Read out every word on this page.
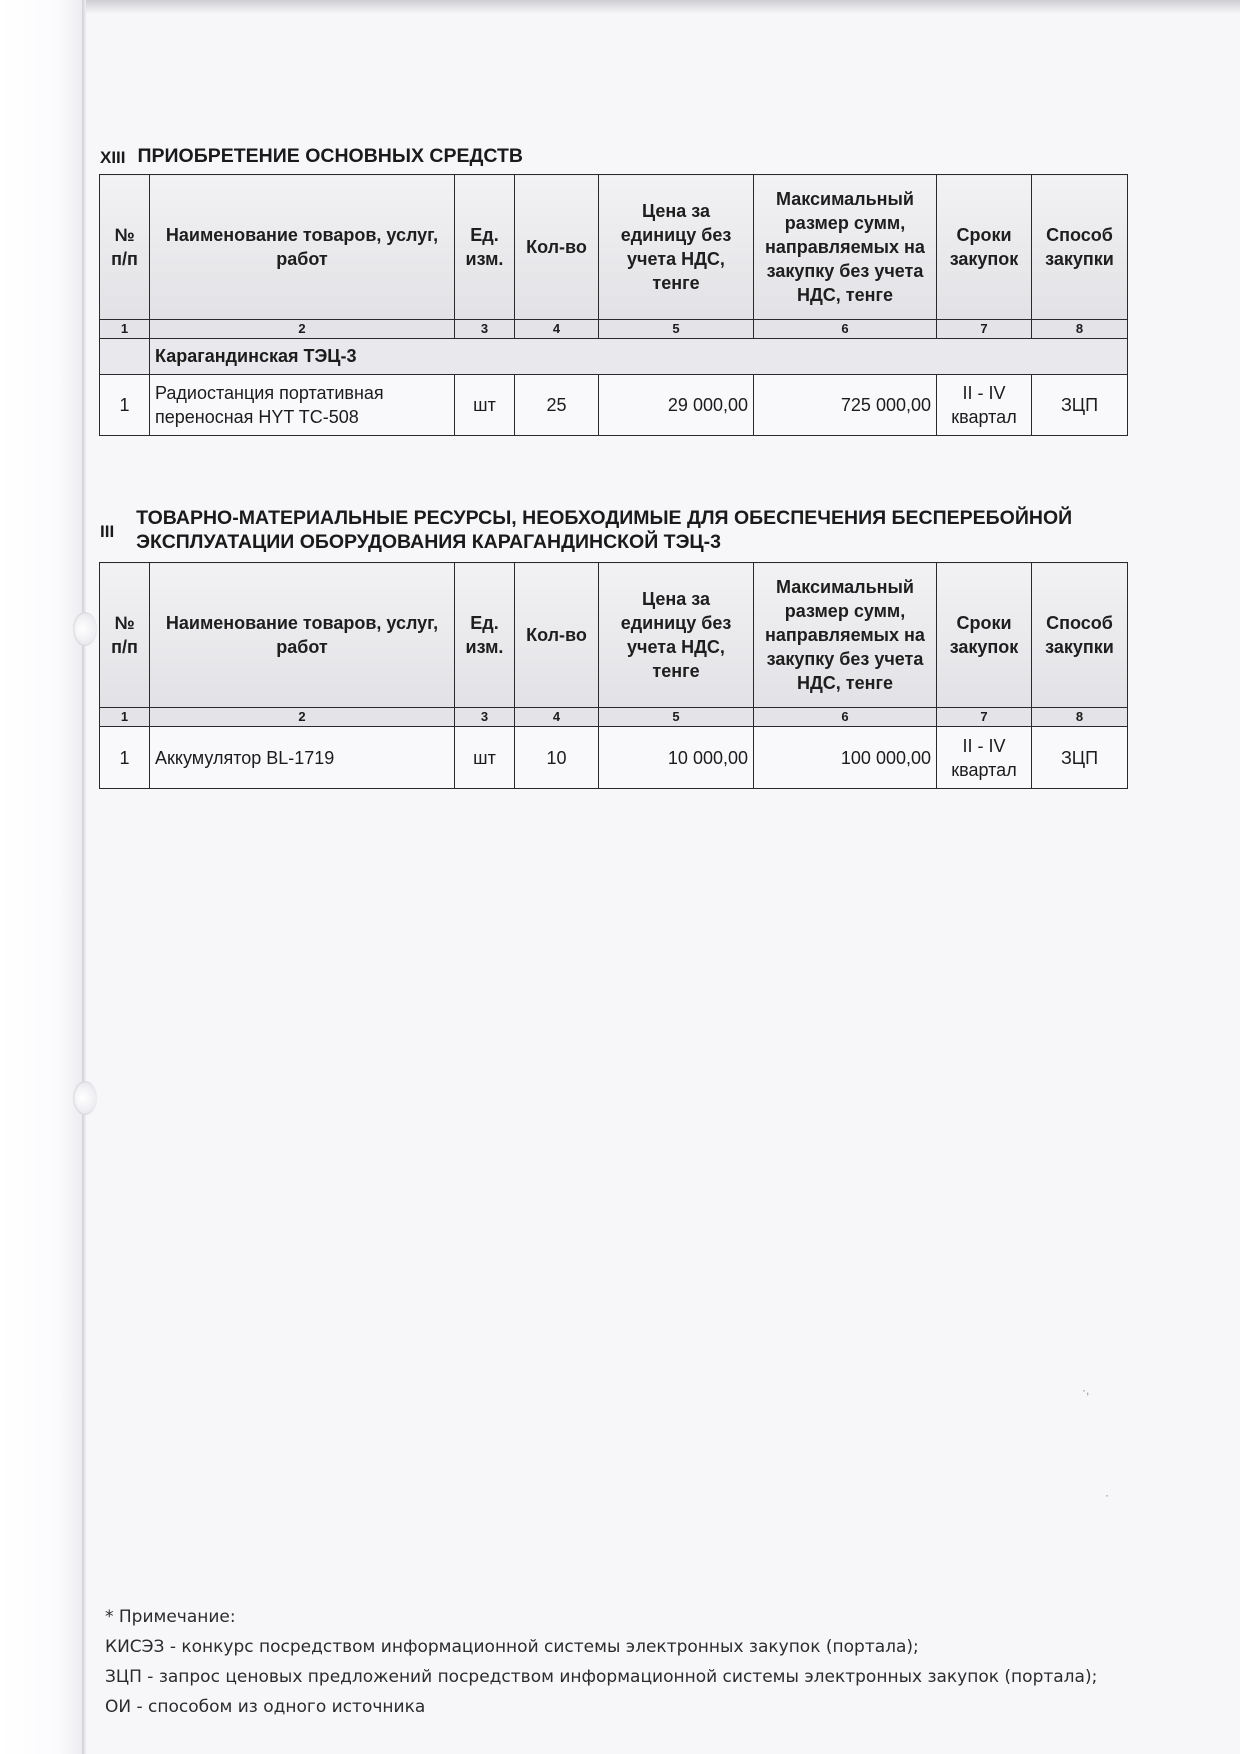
XIII ПРИОБРЕТЕНИЕ ОСНОВНЫХ СРЕДСТВ
№ п/п	Наименование товаров, услуг, работ	Ед. изм.	Кол-во	Цена за единицу без учета НДС, тенге	Максимальный размер сумм, направляемых на закупку без учета НДС, тенге	Сроки закупок	Способ закупки
1	2	3	4	5	6	7	8
	Карагандинская ТЭЦ-3						
1	Радиостанция портативная переносная HYT TC-508	шт	25	29 000,00	725 000,00	II - IV квартал	ЗЦП
III
ТОВАРНО-МАТЕРИАЛЬНЫЕ РЕСУРСЫ, НЕОБХОДИМЫЕ ДЛЯ ОБЕСПЕЧЕНИЯ БЕСПЕРЕБОЙНОЙ ЭКСПЛУАТАЦИИ ОБОРУДОВАНИЯ КАРАГАНДИНСКОЙ ТЭЦ-3
№ п/п	Наименование товаров, услуг, работ	Ед. изм.	Кол-во	Цена за единицу без учета НДС, тенге	Максимальный размер сумм, направляемых на закупку без учета НДС, тенге	Сроки закупок	Способ закупки
1	2	3	4	5	6	7	8
1	Аккумулятор BL-1719	шт	10	10 000,00	100 000,00	II - IV квартал	ЗЦП
·,
·
* Примечание:
КИСЭЗ - конкурс посредством информационной системы электронных закупок (портала);
ЗЦП - запрос ценовых предложений посредством информационной системы электронных закупок (портала);
ОИ - способом из одного источника
